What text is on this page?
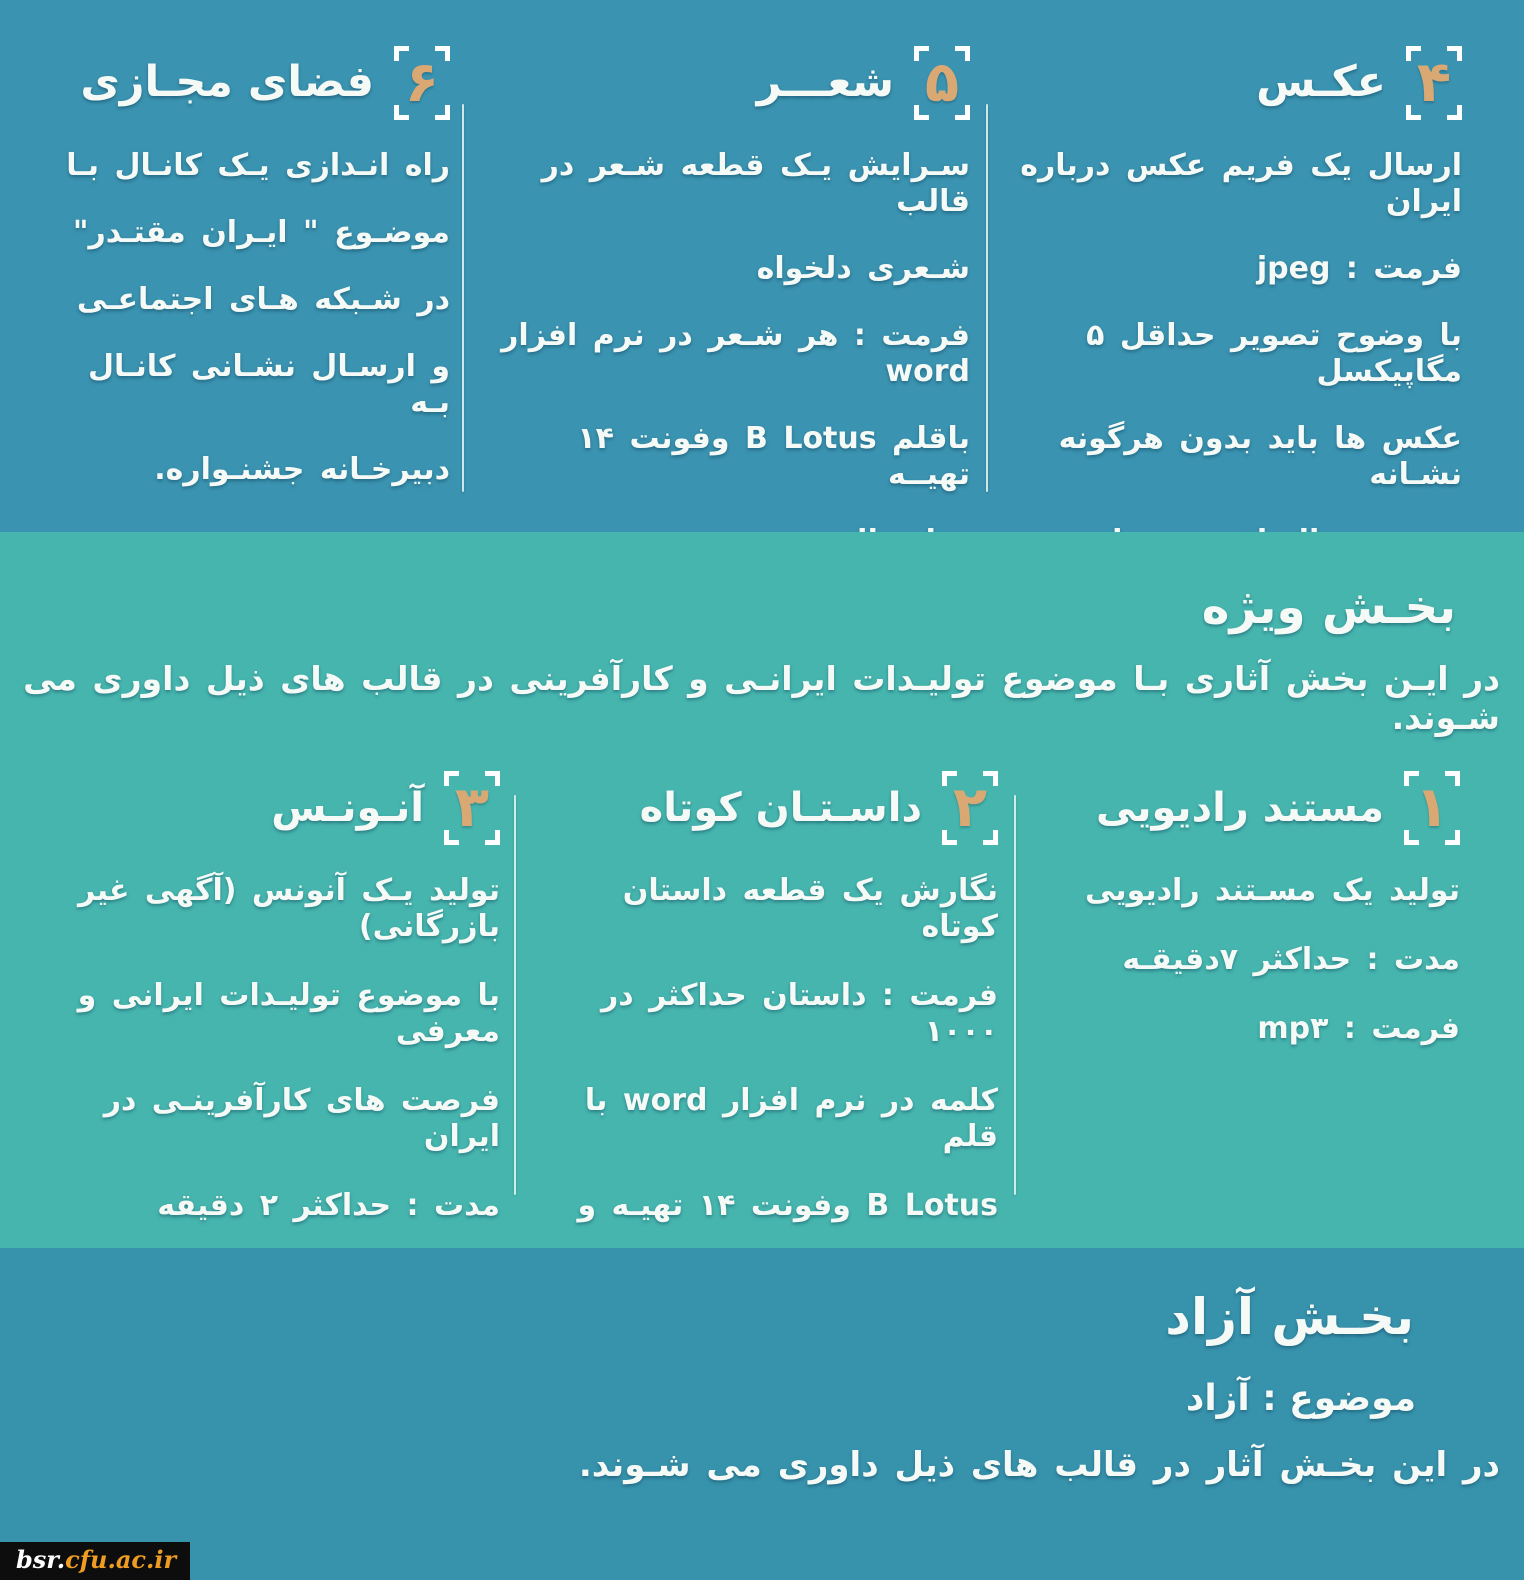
۴
عکـس
ارسال یک فریم عکس درباره ایران
فرمت : jpeg
با وضوح تصویر حداقل ۵ مگاپیکسل
عکس ها باید بدون هرگونه نشـانه
۵
شعـــر
سـرایش یـک قطعه شـعر در قالب
شـعری دلخواه
فرمت : هر شـعر در نرم افزار word
باقلم B Lotus وفونت ۱۴ تهیــه
۶
فضای مجـازی
راه انـدازی یـک کانـال بـا
موضـوع " ایـران مقتـدر"
در شـبکه هـای اجتماعـی
و ارسـال نشـانی کانـال بـه
دبیرخـانه جشنـواره.
بخـش ویژه

در ایـن بخش آثاری بـا موضوع تولیـدات ایرانـی و کارآفرینی در قالب های ذیل داوری می شـوند.

۱
مستند رادیویی
تولید یک مسـتند رادیویی
مدت : حداکثر ۷دقیقـه
فرمت : mp۳
۲
داسـتـان کوتاه
نگارش یک قطعه داستان کوتاه
فرمت : داستان حداکثر در ۱۰۰۰
کلمه در نرم افزار word با قلم
B Lotus وفونت ۱۴ تهیـه و
۳
آنـونـس
تولید یـک آنونس (آگهی غیر بازرگانی)
با موضوع تولیـدات ایرانی و معرفی
فرصت های کارآفرینـی در ایران
مدت : حداکثر ۲ دقیقه
بخـش آزاد

موضوع : آزاد

در این بخـش آثار در قالب های ذیل داوری می شـوند.

bsr.cfu.ac.ir
